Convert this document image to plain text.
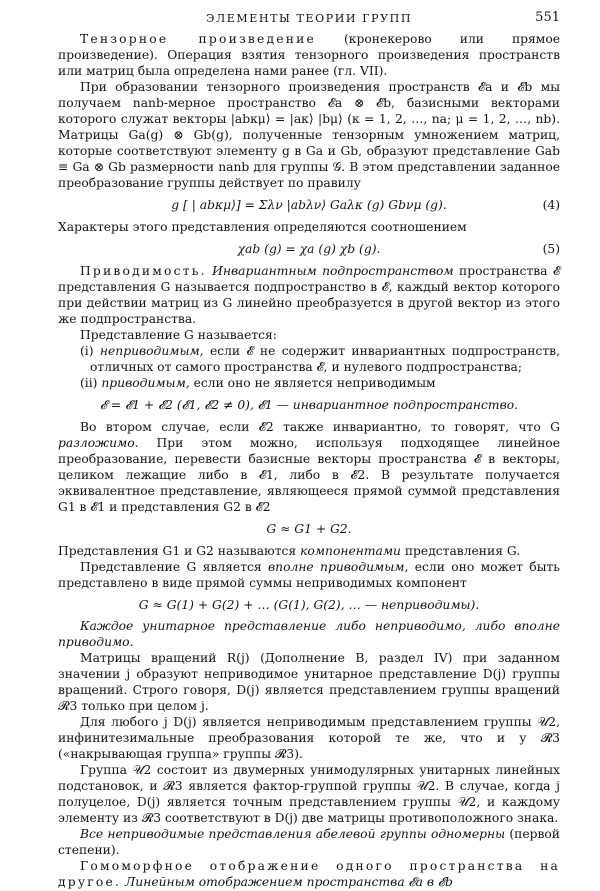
ЭЛЕМЕНТЫ ТЕОРИИ ГРУПП	551

Тензорное произведение (кронекерово или прямое произведение). Операция взятия тензорного произведения пространств или матриц была определена нами ранее (гл. VII).

При образовании тензорного произведения пространств 𝓔a и 𝓔b мы получаем nanb-мерное пространство 𝓔a ⊗ 𝓔b, базисными векторами которого служат векторы |abκμ⟩ = |aκ⟩ |bμ⟩ (κ = 1, 2, …, na; μ = 1, 2, …, nb). Матрицы Ga(g) ⊗ Gb(g), полученные тензорным умножением матриц, которые соответствуют элементу g в Ga и Gb, образуют представление Gab ≡ Ga ⊗ Gb размерности nanb для группы 𝒢. В этом представлении заданное преобразование группы действует по правилу

g [ | abκμ⟩] = Σλν |abλν⟩ Gaλκ (g) Gbνμ (g).	(4)

Характеры этого представления определяются соотношением

χab (g) = χa (g) χb (g).	(5)

Приводимость. Инвариантным подпространством пространства 𝓔 представления G называется подпространство в 𝓔, каждый вектор которого при действии матриц из G линейно преобразуется в другой вектор из этого же подпространства.

Представление G называется:

(i) неприводимым, если 𝓔 не содержит инвариантных подпространств, отличных от самого пространства 𝓔, и нулевого подпространства;

(ii) приводимым, если оно не является неприводимым

𝓔 = 𝓔1 + 𝓔2 (𝓔1, 𝓔2 ≠ 0), 𝓔1 — инвариантное подпространство.

Во втором случае, если 𝓔2 также инвариантно, то говорят, что G разложимо. При этом можно, используя подходящее линейное преобразование, перевести базисные векторы пространства 𝓔 в векторы, целиком лежащие либо в 𝓔1, либо в 𝓔2. В результате получается эквивалентное представление, являющееся прямой суммой представления G1 в 𝓔1 и представления G2 в 𝓔2

G ≈ G1 + G2.

Представления G1 и G2 называются компонентами представления G.

Представление G является вполне приводимым, если оно может быть представлено в виде прямой суммы неприводимых компонент

G ≈ G(1) + G(2) + … (G(1), G(2), … — неприводимы).

Каждое унитарное представление либо неприводимо, либо вполне приводимо.

Матрицы вращений R(j) (Дополнение В, раздел IV) при заданном значении j образуют неприводимое унитарное представление D(j) группы вращений. Строго говоря, D(j) является представлением группы вращений 𝓡3 только при целом j.

Для любого j D(j) является неприводимым представлением группы 𝒰2, инфинитезимальные преобразования которой те же, что и у 𝓡3 («накрывающая группа» группы 𝓡3).

Группа 𝒰2 состоит из двумерных унимодулярных унитарных линейных подстановок, и 𝓡3 является фактор-группой группы 𝒰2. В случае, когда j полуцелое, D(j) является точным представлением группы 𝒰2, и каждому элементу из 𝓡3 соответствуют в D(j) две матрицы противоположного знака.

Все неприводимые представления абелевой группы одномерны (первой степени).

Гомоморфное отображение одного пространства на другое. Линейным отображением пространства 𝓔a в 𝓔b
